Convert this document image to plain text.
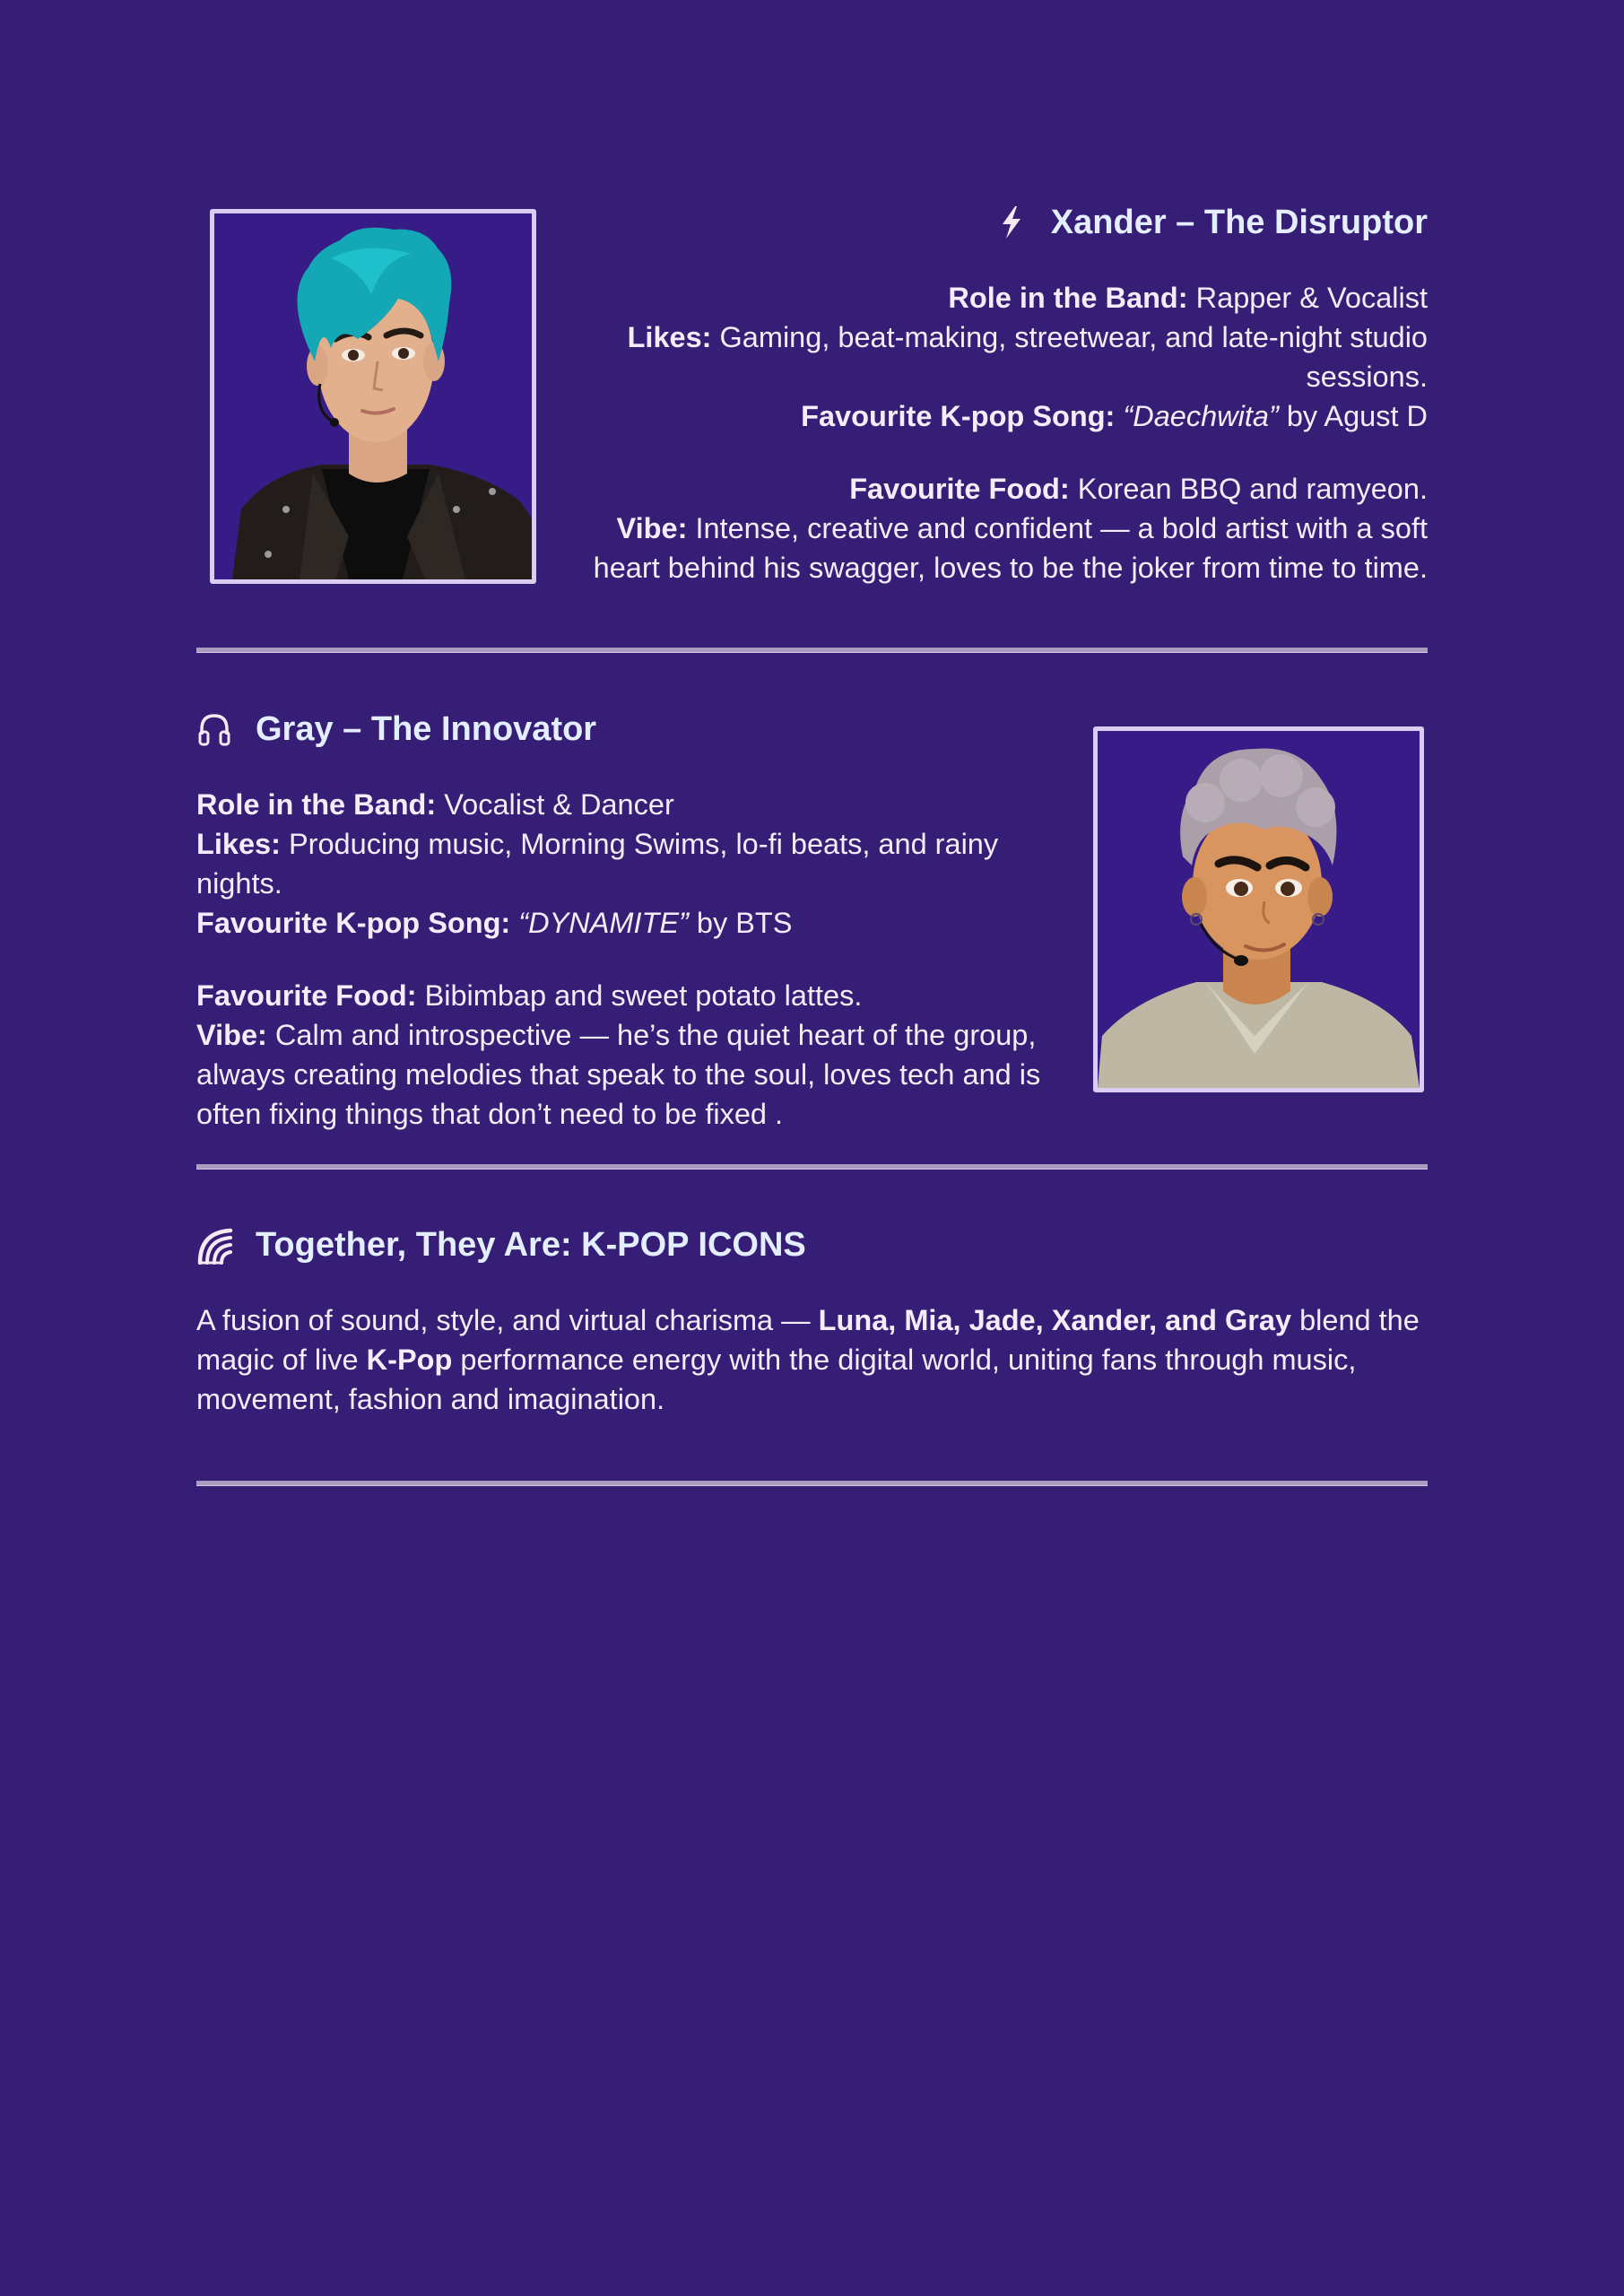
Xander – The Disruptor

Role in the Band: Rapper & Vocalist

Likes: Gaming, beat-making, streetwear, and late-night studio sessions.

Favourite K-pop Song: “Daechwita” by Agust D

Favourite Food: Korean BBQ and ramyeon.

Vibe: Intense, creative and confident — a bold artist with a soft heart behind his swagger, loves to be the joker from time to time.

Gray – The Innovator

Role in the Band: Vocalist & Dancer

Likes: Producing music, Morning Swims, lo-fi beats, and rainy nights.

Favourite K-pop Song: “DYNAMITE” by BTS

Favourite Food: Bibimbap and sweet potato lattes.

Vibe: Calm and introspective — he’s the quiet heart of the group, always creating melodies that speak to the soul, loves tech and is often fixing things that don’t need to be fixed .

Together, They Are: K-POP ICONS

A fusion of sound, style, and virtual charisma — Luna, Mia, Jade, Xander, and Gray blend the magic of live K-Pop performance energy with the digital world, uniting fans through music, movement, fashion and imagination.
